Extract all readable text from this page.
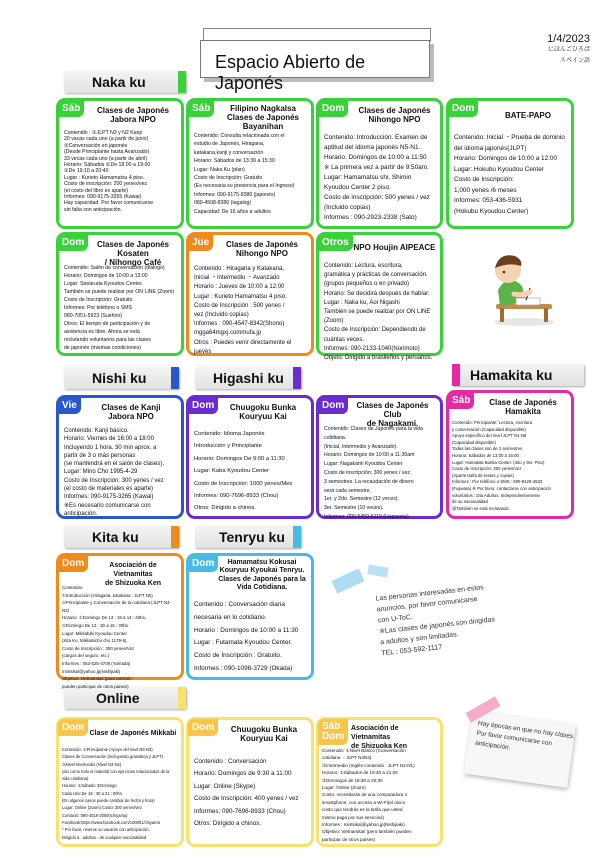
1/4/2023
にほんごひろば
スペイン語
Espacio Abierto de Japonés
Naka ku
Nishi ku	Higashi ku	Hamakita ku
Kita ku	Tenryu ku
Online
Sáb	Clases de Japonés
Jabora NPO
Contenido : ①JLPT N3 y N2 Kanji
20 vacas cada uno (a partir de junio)
②Conversación en japonés
(Desde Principiante hasta Avanzado)
33 vecas cada uno (a partir de abril)
Horario: Sábados ①De 18:00 a 19:00
②De 19:10 a 20:40
Lugar : Kurieto Hamamatsu 4 piso.
Costo de inscripción: 200 yenes/vez
(el costo del libro es aparte)
Informes: 090-9175-3265 (Kawai)
Hay capacidad. Por favor comunicarse
sin falta con anticipación.
Sáb	Filipino Nagkalsa
Clases de Japonés
Bayanihan
Contenido: Consulta relacionada con el
estudio de Japonés, Hiragana,
katakana,kanji y conversación
Horario: Sábados de 13:30 a 15:30
Lugar: Naka Ku (plan)
Costo de Inscripción: Gratuito
(Es necesaria su presencia para el Ingreso)
Informes: 090-9175-8380 (japonés)
080-4508-8380 (tagalog)
Capacidad: De 16 años a adultos
Dom	Clases de Japonés
Nihongo NPO
Contenido: Introducción. Examen de
aptitud del idioma japonés N5-N1.
Horario: Domingos de 10:00 a 11:50
※ La primera vez a partir de 9:50am.
Lugar: Hamamatsu shi, Shimin
Kyoudou Center 2 piso.
Costo de inscripción: 500 yenes / vez
(Incluido copias)
Informes : 090-2923-2338 (Sato)
Dom
BATE-PAPO
Contenido: Inicial ・Prueba de dominio
del idioma japonés(JLPT)
Horario: Domingos de 10:00 a 12:00
Lugar: Hokubu Kyoudou Center
Costo de Inscripción:
1,000 yenes /6 meses
Informes: 053-436-5931
(Hokubu Kyoudou Center)
Dom	Clases de Japonés Kosaten
/ Nihongo Café
Contenido: Salón de conversación (diálogo)
Horario: Domingos de 10:00 a 13:00
Lugar: Sanaruda Kyoudou Center.
También se puede realizar por ON LINE (Zoom)
Costo de Inscripción: Gratuito.
Informes: Por teléfono o SMS
080-7051-5923 (Suehiro)
Otros: El tiempo de participación y de
asistencia es libre. Ahora se está
reclutando voluntarios para las clases
de japonés (mismas condiciones)
Jue	Clases de Japonés
Nihongo NPO
Contenido : Hiragana y Katakana,
Inicial ・Intermedio ・Avanzado
Horario : Jueves de 10:00 a 12:00
Lugar : Kurieto Hamamatsu 4 piso.
Costo de Inscripción : 500 yenes /
vez (Incluido copias)
Informes : 090-4547-8342(Shono)
mgga64mgxj.commufa.jp
Otros : Puedes venir directamente el
jueves
Otros NPO Houjin AIPEACE
Contenido: Lectura, escritura,
gramática y prácticas de conversación.
(grupos pequeños o en privado)
Horario: Se decidirá después de hablar.
Lugar : Naka ku, Aoi Nigashi
También se puede realizar por ON LINE (Zoom)
Costo de Inscripción: Dependiendo de
cuántas veces.
Informes: 090-2133-1040(Norimoto)
Objeto: Dirigido a brasileños y peruanos.
Vie	Clases de Kanji
Jabora NPO
Contenido: Kanji básico.
Horario: Viernes de 16:00 a 18:00
Incluyendo 1 hora. 30 min aprox. a
partir de 3 o más personas
(se mantendrá en el salón de clases).
Lugar: Mino Cho 1995-4-29
Costo de Inscripción: 300 yenes / vez
(el costo de materiales es aparte)
Informes: 090-9175-3265 (Kawai)
※Es necesario comunicarse con
anticipación.
Dom	Chuugoku Bunka
Kouryuu Kai
Contenido: Idioma Japonés
Introducción y Principiante
Horario: Domingos De 9:00 a 11:30
Lugar: Kaba Kyoudou Center
Costo de Inscripción: 1000 yenes/Mes
Informes: 090-7696-8933 (Chou)
Otros: Dirigido a chinos.
Dom	Clases de Japonés Club
de Nagakami.
Contenido: Clases de Japonés para la vida cotidiana.
(Inicial, Intermedio y Avanzado).
Horario: Domingos de 10:00 a 11:30am
Lugar: Nagakami Kyoudou Center
Costo de inscripción: 300 yenes / vez.
3 semestres. La recaudación de dinero
será cada semestre.
1er. y 2do. Semestre (12 veces).
3er. Semestre (10 veces).
Informes: 090-5459-6119 (Hagiwara)
Sáb	Clase de Japonés
Hamakita
Contenido: Principiante: Lectura, escritura
y conversación (Capacidad disponible)
Apoyo específico del nivel JLPT N1-N5
(Capacidad disponible)
Todas las clases son de 2 semestres
Horario: Sábados de 13:00 a 16:00
Lugar: Hamakita Bunka Center. (3do y 3er. Piso)
Costo de Inscripción: 200 yenes/Vez
(Aparte tarifa de textos y copias)
Informes : Por teléfono o SMS : 090-8120-4533
(Fujiwara) ※ Por favor, contactarse con anticipación
voluntarios : Día Adultos, Independientemente
de su nacionalidad
@También se está reclutando
Dom	Asociación de Vietnamitas
de Shizuoka Ken
Contenido:
①Introducción (Hiragana, katakana : JLPT N5)
②Principiante y Conversación de la cotidiana (JLPT N4-N3)
Horario: ①Domingo De 13 : 15 a 14 : 45hs.
②Domingo De 13 : 30 a 15 : 30hs.
Lugar: Mikkabibi Kyoudou Center
(Kita Ku, Mikkabicho cho 1179-5)
Costo de Inscripción : 300 yenes/Vez
(cargos del seguro, etc.)
Informes : 053-525-4709 (Yamada)
mintsikal@yahoo.jp(Nishijiaki)
Objetivo: Vietnamitas (para también
pueden participar de otros países)
Dom	Hamamatsu Kokusai
Kouryuu Kyoukai Tenryu.
Clases de Japonés para la
Vida Cotidiana.
Contenido : Conversación diaria
necesaria en lo cotidiano.
Horario : Domingos de 10:00 a 11:30
Lugar : Futamata Kyoudou Center.
Costo de Inscripción : Gratuito.
Informes : 090-1098-3729 (Okada)
Las personas interesadas en estos
anuncios, por favor comunicarse
con U-ToC.
※Las clases de japonés son dirigidas
a adultos y son limitadas.
TEL : 053-592-1117
Dom
Clase de Japonés Mikkabi
Contenido: ①Principiante (Apoyo del nivel N5-N3)
Clases de Conversación (Incluyendo gramática y JLPT)
③Nivel Intermedio (Nivel N3-N2)
(así como todo el material con ejercicios relacionados de la vida cotidiana)
Horario: ①Sábado ②Domingo
Cada Uno:De 19 : 30 a 21 : 00hs.
(En algunos casos puede cambiar de fecha y hora)
Lugar: Online (Zoom) Costo: 300 yenes/Vez
Contacto: 090-4018-2000(Ichiyama)
Facebook:https://www.facebook.com/100001/chiyama
* Por favor, reserve su vacante con anticipación.
Dirigido a : adultos - de cualquier nacionalidad
Dom	Chuugoku Bunka
Kouryuu Kai
Contenido : Conversación
Horario: Domingos de 9:30 a 11:00
Lugar: Online (Skype)
Costo de Inscripción: 400 yenes / vez
Informes: 090-7696-8933 (Chou)
Otros: Dirigido a chinos.
Sáb
Dom
Asociación de Vietnamitas
de Shizuoka Ken
Contenido: ①Nivel Básico (Conversación
cotidiana ・JLPT N4N3)
②Intermedio (Inglés contenido : JLPT N2-N1)
Horario: ①Sábados de 19:30 a 21:00
②Domingos de 18:30 a 20:30
Lugar: Online (Zoom)
Costo: necesitarás de una computadora o
smartphone, con acceso a Wi-Fi(el único
costo que tendrás es la tarifa que usted
mismo paga por sus servicios)
Informes : mintsikal@yahoo.jp(Nishijiaki)
Objetivo: Vietnamitas (pero también pueden
participar de otros países)
Hay épocas en que no hay clases.
Por favor comunicarse con
anticipación.
